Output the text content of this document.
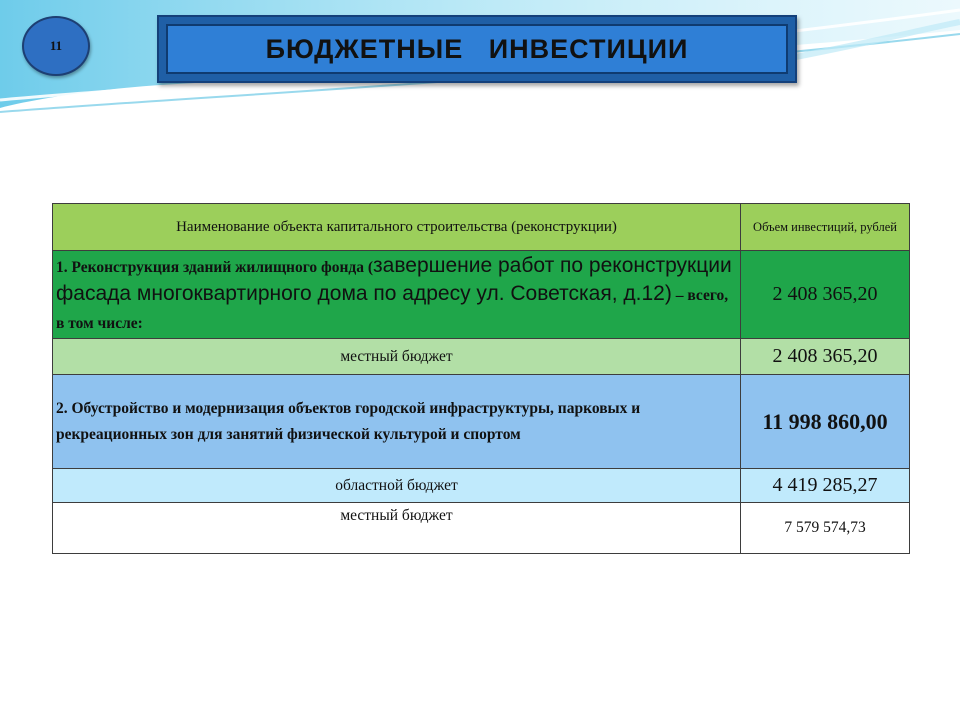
11	БЮДЖЕТНЫЕ   ИНВЕСТИЦИИ
Наименование объекта капитального строительства (реконструкции)	Объем инвестиций, рублей
1. Реконструкция зданий жилищного фонда (завершение работ по реконструкции фасада многоквартирного дома по адресу ул. Советская, д.12) – всего, в том числе:	2 408 365,20
местный бюджет	2 408 365,20
2. Обустройство и модернизация объектов городской инфраструктуры, парковых и рекреационных зон для занятий физической культурой и спортом	11 998 860,00
областной бюджет	4 419 285,27
местный бюджет	7 579 574,73
